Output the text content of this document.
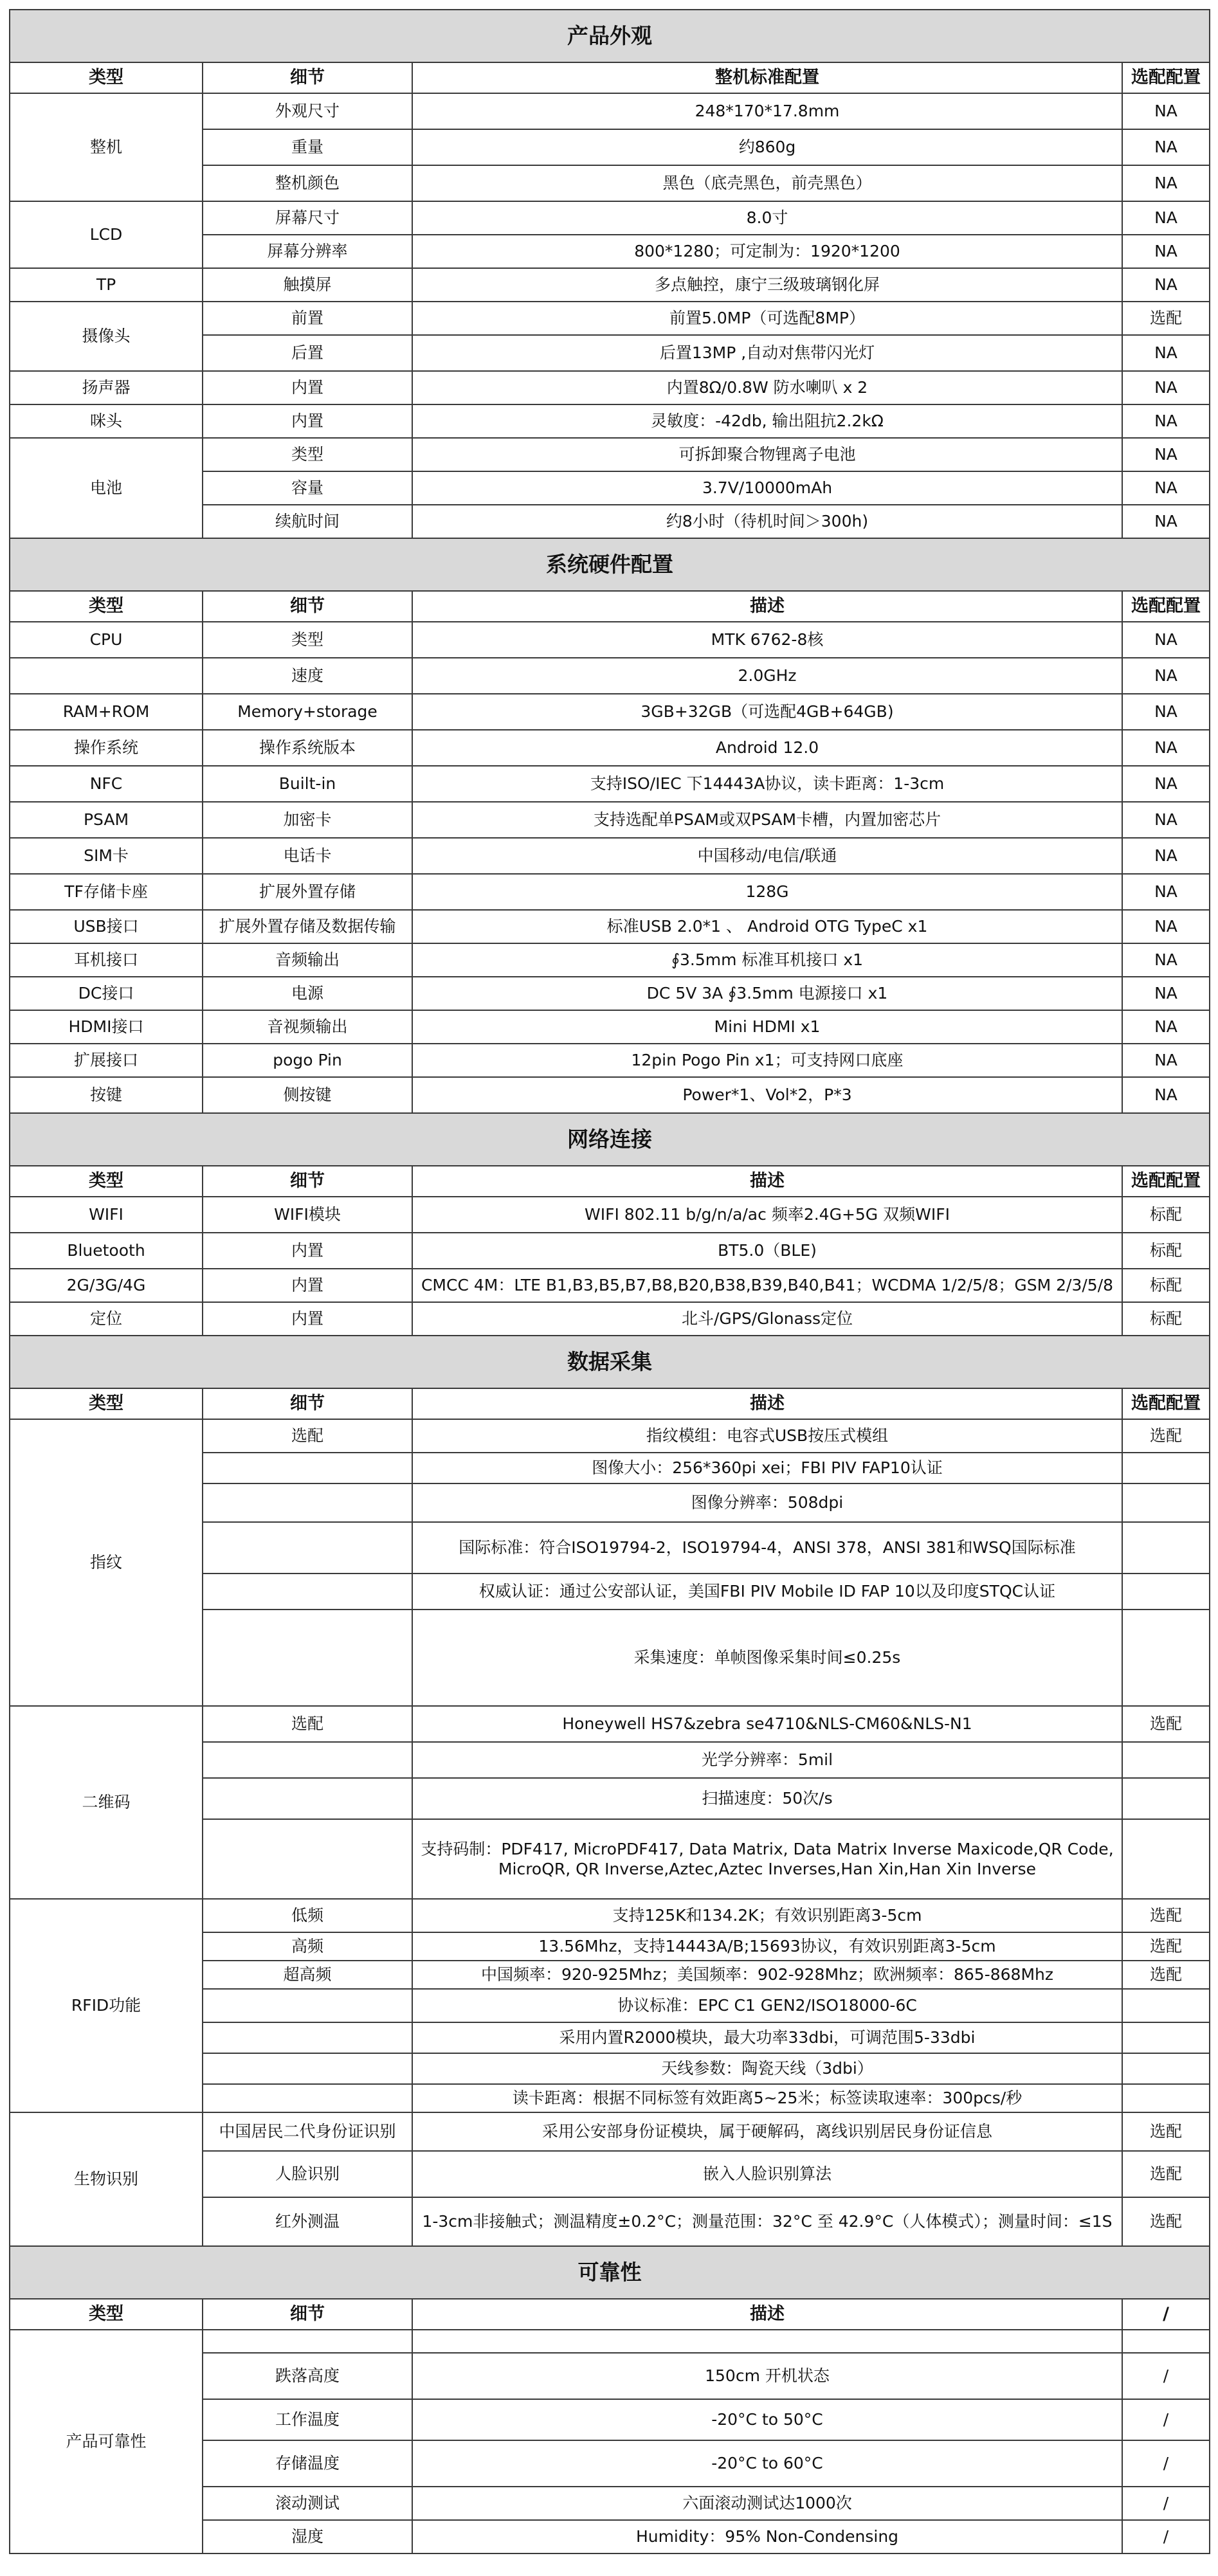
产品外观			
类型	细节	整机标准配置	选配配置
整机	外观尺寸	248*170*17.8mm	NA
	重量	约860g	NA
	整机颜色	黑色（底壳黑色，前壳黑色）	NA
LCD	屏幕尺寸	8.0寸	NA
	屏幕分辨率	800*1280；可定制为：1920*1200	NA
TP	触摸屏	多点触控，康宁三级玻璃钢化屏	NA
摄像头	前置	前置5.0MP（可选配8MP）	选配
	后置	后置13MP ,自动对焦带闪光灯	NA
扬声器	内置	内置8Ω/0.8W 防水喇叭 x 2	NA
咪头	内置	灵敏度：-42db, 输出阻抗2.2kΩ	NA
电池	类型	可拆卸聚合物锂离子电池	NA
	容量	3.7V/10000mAh	NA
	续航时间	约8小时（待机时间＞300h)	NA
系统硬件配置			
类型	细节	描述	选配配置
CPU	类型	MTK 6762-8核	NA
	速度	2.0GHz	NA
RAM+ROM	Memory+storage	3GB+32GB（可选配4GB+64GB)	NA
操作系统	操作系统版本	Android 12.0	NA
NFC	Built-in	支持ISO/IEC 下14443A协议，读卡距离：1-3cm	NA
PSAM	加密卡	支持选配单PSAM或双PSAM卡槽，内置加密芯片	NA
SIM卡	电话卡	中国移动/电信/联通	NA
TF存储卡座	扩展外置存储	128G	NA
USB接口	扩展外置存储及数据传输	标准USB 2.0*1 、 Android OTG TypeC x1	NA
耳机接口	音频输出	∮3.5mm 标准耳机接口 x1	NA
DC接口	电源	DC 5V 3A ∮3.5mm 电源接口 x1	NA
HDMI接口	音视频输出	Mini HDMI x1	NA
扩展接口	pogo Pin	12pin Pogo Pin x1；可支持网口底座	NA
按键	侧按键	Power*1、Vol*2，P*3	NA
网络连接			
类型	细节	描述	选配配置
WIFI	WIFI模块	WIFI 802.11 b/g/n/a/ac 频率2.4G+5G 双频WIFI	标配
Bluetooth	内置	BT5.0（BLE)	标配
2G/3G/4G	内置	CMCC 4M：LTE B1,B3,B5,B7,B8,B20,B38,B39,B40,B41；WCDMA 1/2/5/8；GSM 2/3/5/8	标配
定位	内置	北斗/GPS/Glonass定位	标配
数据采集			
类型	细节	描述	选配配置
指纹	选配	指纹模组：电容式USB按压式模组	选配
		图像大小：256*360pi xei；FBI PIV FAP10认证	
		图像分辨率：508dpi	
		国际标准：符合ISO19794-2，ISO19794-4，ANSI 378，ANSI 381和WSQ国际标准	
		权威认证：通过公安部认证，美国FBI PIV Mobile ID FAP 10以及印度STQC认证	
		采集速度：单帧图像采集时间≤0.25s	
二维码	选配	Honeywell HS7&zebra se4710&NLS-CM60&NLS-N1	选配
		光学分辨率：5mil	
		扫描速度：50次/s	
		支持码制：PDF417, MicroPDF417, Data Matrix, Data Matrix Inverse Maxicode,QR Code, MicroQR, QR Inverse,Aztec,Aztec Inverses,Han Xin,Han Xin Inverse	
RFID功能	低频	支持125K和134.2K；有效识别距离3-5cm	选配
	高频	13.56Mhz，支持14443A/B;15693协议，有效识别距离3-5cm	选配
	超高频	中国频率：920-925Mhz；美国频率：902-928Mhz；欧洲频率：865-868Mhz	选配
		协议标准：EPC C1 GEN2/ISO18000-6C	
		采用内置R2000模块，最大功率33dbi，可调范围5-33dbi	
		天线参数：陶瓷天线（3dbi）	
		读卡距离：根据不同标签有效距离5~25米；标签读取速率：300pcs/秒	
生物识别	中国居民二代身份证识别	采用公安部身份证模块，属于硬解码，离线识别居民身份证信息	选配
	人脸识别	嵌入人脸识别算法	选配
	红外测温	1-3cm非接触式；测温精度±0.2°C；测量范围：32°C 至 42.9°C（人体模式）；测量时间：≤1S	选配
可靠性			
类型	细节	描述	/
产品可靠性			
	跌落高度	150cm 开机状态	/
	工作温度	-20°C to 50°C	/
	存储温度	-20°C to 60°C	/
	滚动测试	六面滚动测试达1000次	/
	湿度	Humidity：95% Non-Condensing	/
